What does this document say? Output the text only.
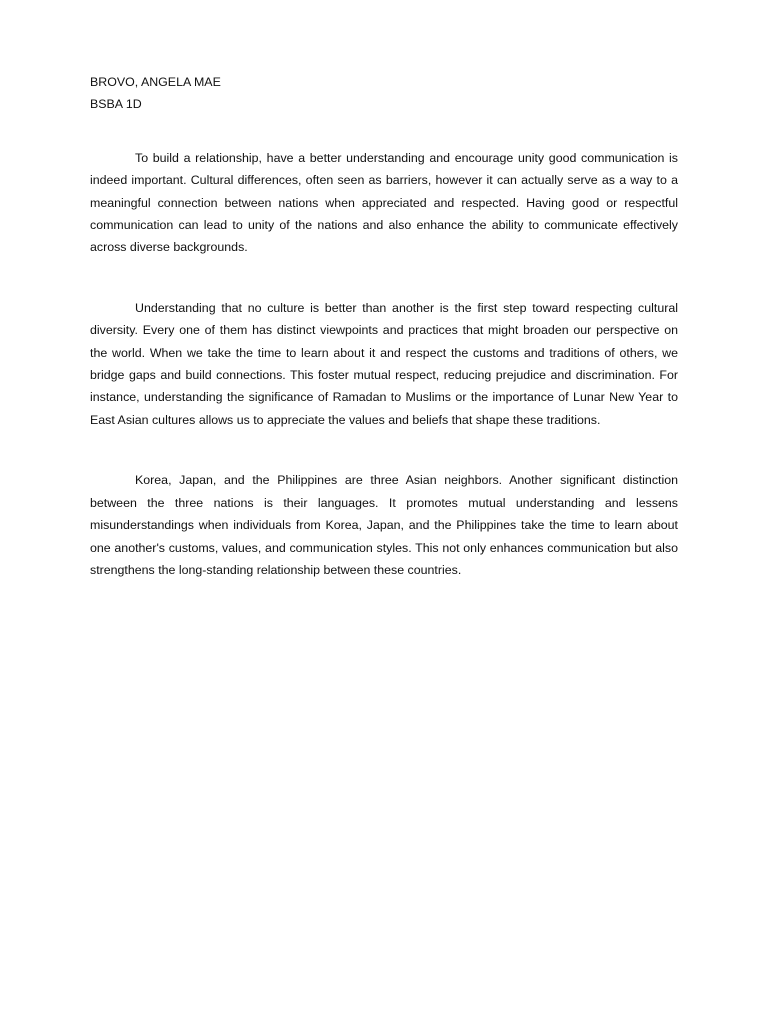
BROVO, ANGELA MAE

BSBA 1D

To build a relationship, have a better understanding and encourage unity good communication is indeed important. Cultural differences, often seen as barriers, however it can actually serve as a way to a meaningful connection between nations when appreciated and respected. Having good or respectful communication can lead to unity of the nations and also enhance the ability to communicate effectively across diverse backgrounds.

Understanding that no culture is better than another is the first step toward respecting cultural diversity. Every one of them has distinct viewpoints and practices that might broaden our perspective on the world. When we take the time to learn about it and respect the customs and traditions of others, we bridge gaps and build connections. This foster mutual respect, reducing prejudice and discrimination. For instance, understanding the significance of Ramadan to Muslims or the importance of Lunar New Year to East Asian cultures allows us to appreciate the values and beliefs that shape these traditions.

Korea, Japan, and the Philippines are three Asian neighbors. Another significant distinction between the three nations is their languages. It promotes mutual understanding and lessens misunderstandings when individuals from Korea, Japan, and the Philippines take the time to learn about one another's customs, values, and communication styles. This not only enhances communication but also strengthens the long-standing relationship between these countries.
